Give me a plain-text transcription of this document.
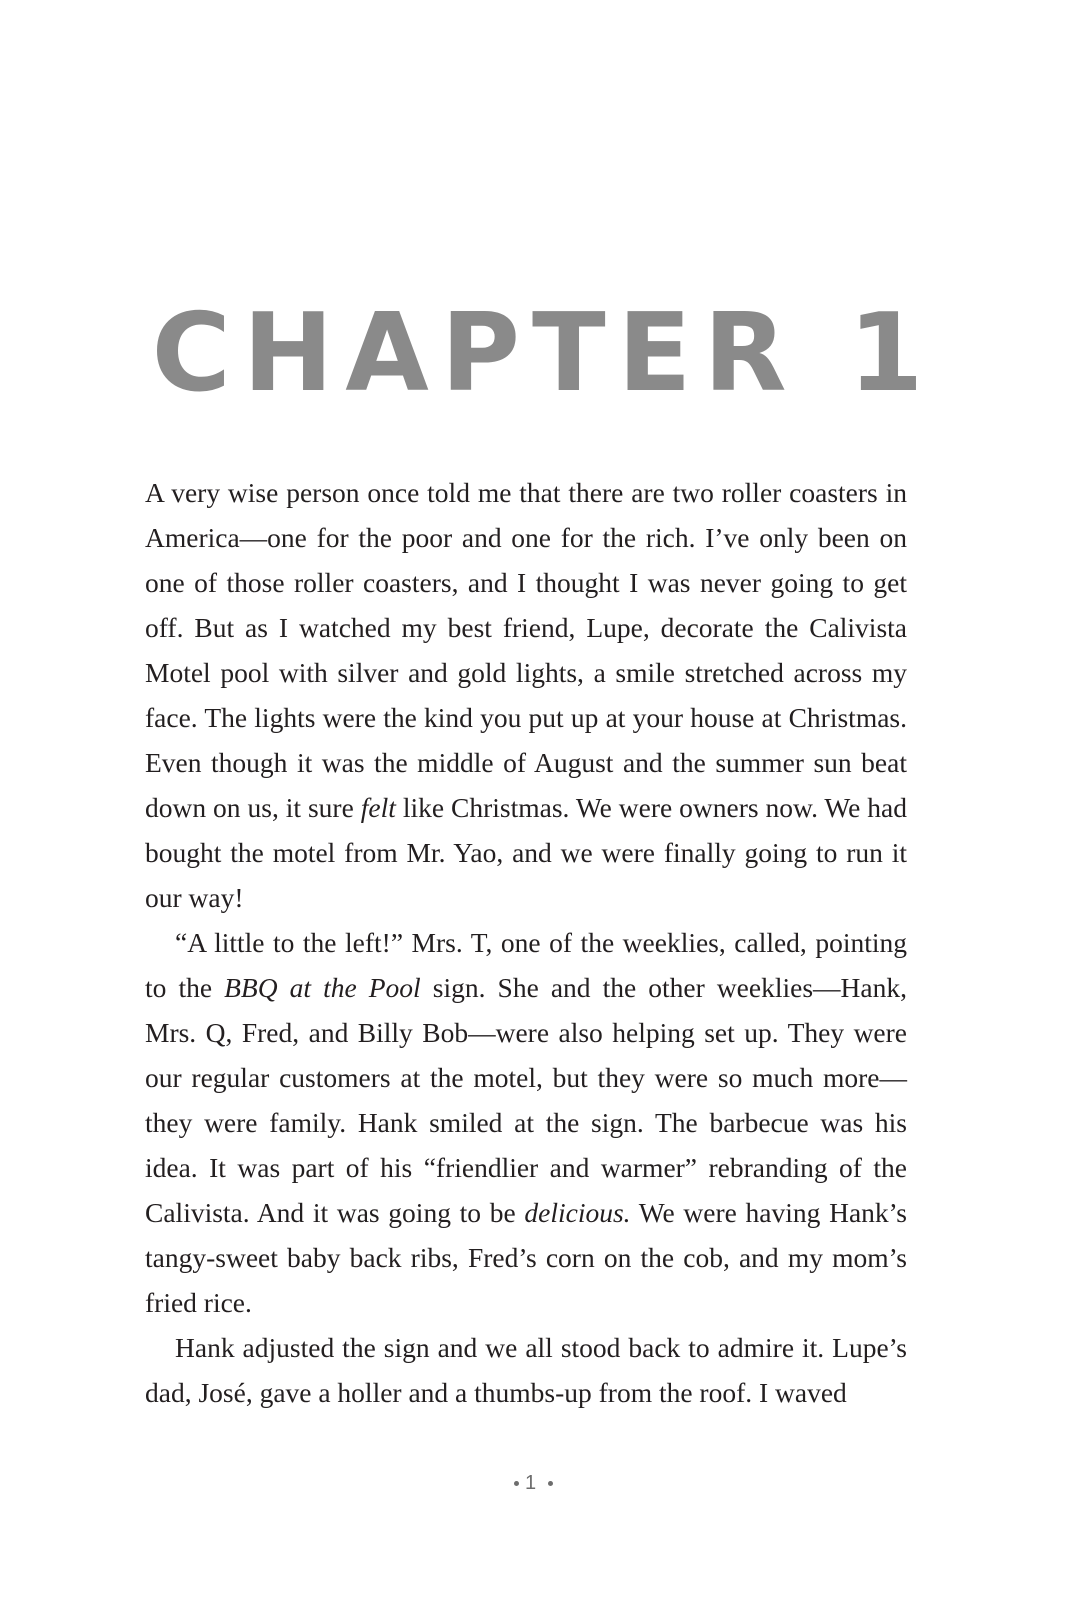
CHAPTER 1

A very wise person once told me that there are two roller coasters in America—one for the poor and one for the rich. I’ve only been on one of those roller coasters, and I thought I was never going to get off. But as I watched my best friend, Lupe, decorate the Calivista Motel pool with silver and gold lights, a smile stretched across my face. The lights were the kind you put up at your house at Christmas. Even though it was the middle of August and the summer sun beat down on us, it sure felt like Christmas. We were owners now. We had bought the motel from Mr. Yao, and we were finally going to run it our way!

“A little to the left!” Mrs. T, one of the weeklies, called, pointing to the BBQ at the Pool sign. She and the other weeklies—Hank, Mrs. Q, Fred, and Billy Bob—were also helping set up. They were our regular customers at the motel, but they were so much more—they were family. Hank smiled at the sign. The barbecue was his idea. It was part of his “friendlier and warmer” rebranding of the Calivista. And it was going to be delicious. We were having Hank’s tangy-sweet baby back ribs, Fred’s corn on the cob, and my mom’s fried rice.

Hank adjusted the sign and we all stood back to admire it. Lupe’s dad, José, gave a holler and a thumbs-up from the roof. I waved

1
